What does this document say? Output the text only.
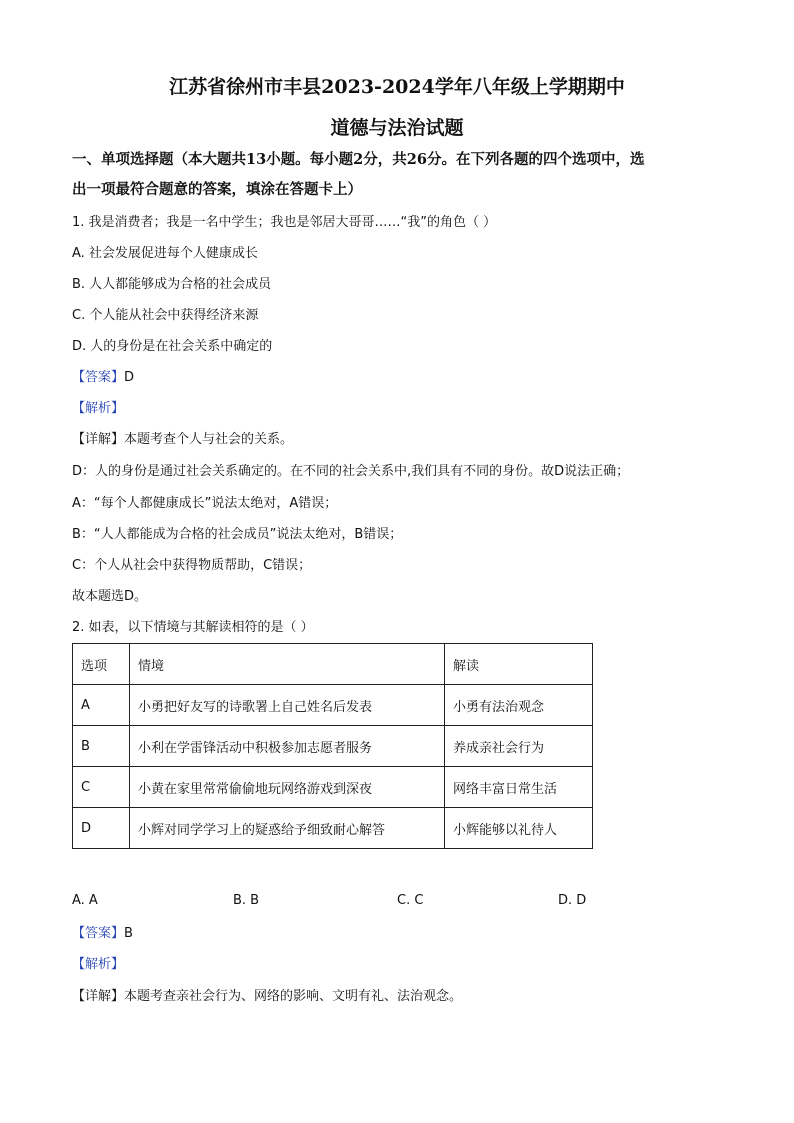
江苏省徐州市丰县2023-2024学年八年级上学期期中
道德与法治试题
一、单项选择题（本大题共13小题。每小题2分，共26分。在下列各题的四个选项中，选
出一项最符合题意的答案，填涂在答题卡上）
1. 我是消费者；我是一名中学生；我也是邻居大哥哥……“我”的角色（ ）
A. 社会发展促进每个人健康成长
B. 人人都能够成为合格的社会成员
C. 个人能从社会中获得经济来源
D. 人的身份是在社会关系中确定的
【答案】D
【解析】
【详解】本题考查个人与社会的关系。
D：人的身份是通过社会关系确定的。在不同的社会关系中,我们具有不同的身份。故D说法正确；
A：“每个人都健康成长”说法太绝对，A错误；
B：“人人都能成为合格的社会成员”说法太绝对，B错误；
C：个人从社会中获得物质帮助，C错误；
故本题选D。
2. 如表，以下情境与其解读相符的是（ ）
选项	情境	解读
A	小勇把好友写的诗歌署上自己姓名后发表	小勇有法治观念
B	小利在学雷锋活动中积极参加志愿者服务	养成亲社会行为
C	小黄在家里常常偷偷地玩网络游戏到深夜	网络丰富日常生活
D	小辉对同学学习上的疑惑给予细致耐心解答	小辉能够以礼待人
A. A	B. B	C. C	D. D
【答案】B
【解析】
【详解】本题考查亲社会行为、网络的影响、文明有礼、法治观念。
